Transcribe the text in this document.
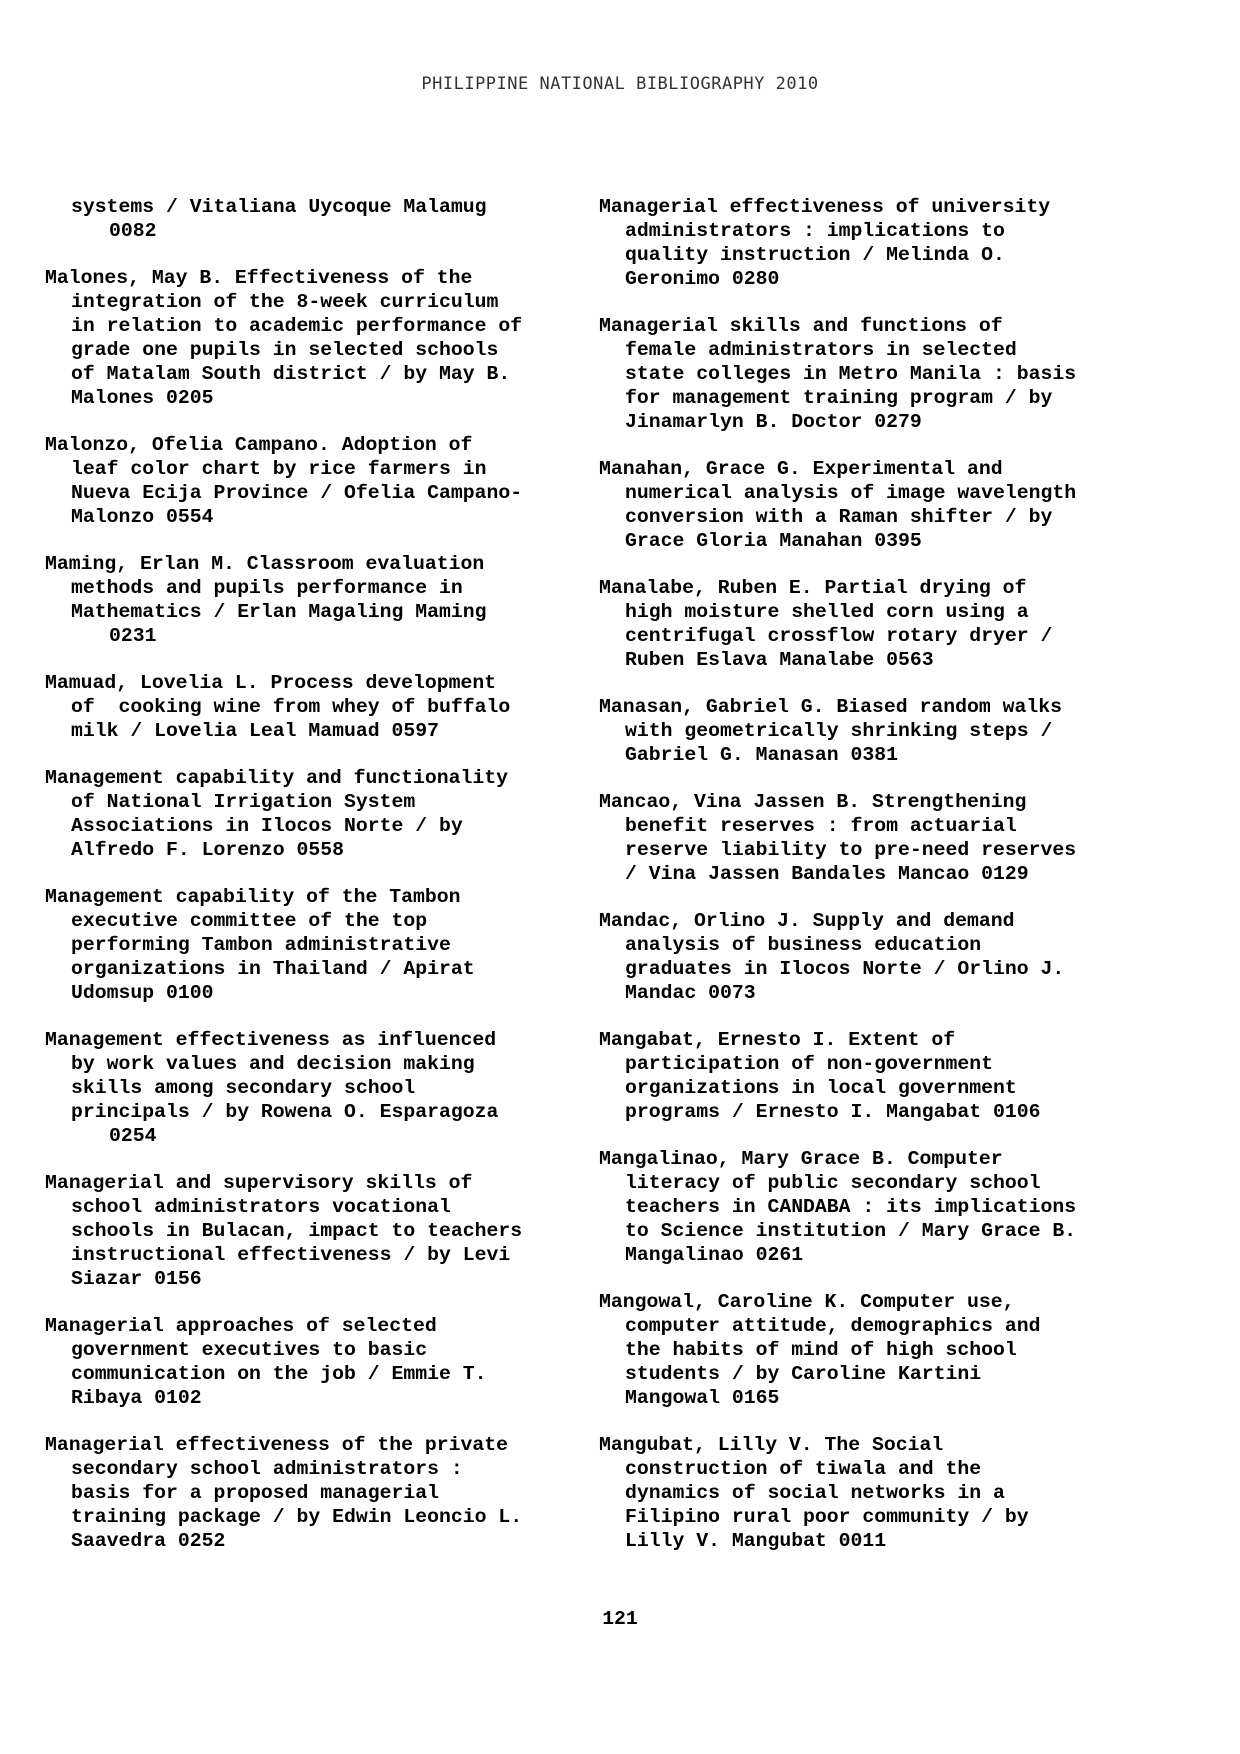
PHILIPPINE NATIONAL BIBLIOGRAPHY 2010
systems / Vitaliana Uycoque Malamug
0082
Malones, May B. Effectiveness of the
integration of the 8-week curriculum
in relation to academic performance of
grade one pupils in selected schools
of Matalam South district / by May B.
Malones 0205
Malonzo, Ofelia Campano. Adoption of
leaf color chart by rice farmers in
Nueva Ecija Province / Ofelia Campano-
Malonzo 0554
Maming, Erlan M. Classroom evaluation
methods and pupils performance in
Mathematics / Erlan Magaling Maming
0231
Mamuad, Lovelia L. Process development
of  cooking wine from whey of buffalo
milk / Lovelia Leal Mamuad 0597
Management capability and functionality
of National Irrigation System
Associations in Ilocos Norte / by
Alfredo F. Lorenzo 0558
Management capability of the Tambon
executive committee of the top
performing Tambon administrative
organizations in Thailand / Apirat
Udomsup 0100
Management effectiveness as influenced
by work values and decision making
skills among secondary school
principals / by Rowena O. Esparagoza
0254
Managerial and supervisory skills of
school administrators vocational
schools in Bulacan, impact to teachers
instructional effectiveness / by Levi
Siazar 0156
Managerial approaches of selected
government executives to basic
communication on the job / Emmie T.
Ribaya 0102
Managerial effectiveness of the private
secondary school administrators :
basis for a proposed managerial
training package / by Edwin Leoncio L.
Saavedra 0252
Managerial effectiveness of university
administrators : implications to
quality instruction / Melinda O.
Geronimo 0280
Managerial skills and functions of
female administrators in selected
state colleges in Metro Manila : basis
for management training program / by
Jinamarlyn B. Doctor 0279
Manahan, Grace G. Experimental and
numerical analysis of image wavelength
conversion with a Raman shifter / by
Grace Gloria Manahan 0395
Manalabe, Ruben E. Partial drying of
high moisture shelled corn using a
centrifugal crossflow rotary dryer /
Ruben Eslava Manalabe 0563
Manasan, Gabriel G. Biased random walks
with geometrically shrinking steps /
Gabriel G. Manasan 0381
Mancao, Vina Jassen B. Strengthening
benefit reserves : from actuarial
reserve liability to pre-need reserves
/ Vina Jassen Bandales Mancao 0129
Mandac, Orlino J. Supply and demand
analysis of business education
graduates in Ilocos Norte / Orlino J.
Mandac 0073
Mangabat, Ernesto I. Extent of
participation of non-government
organizations in local government
programs / Ernesto I. Mangabat 0106
Mangalinao, Mary Grace B. Computer
literacy of public secondary school
teachers in CANDABA : its implications
to Science institution / Mary Grace B.
Mangalinao 0261
Mangowal, Caroline K. Computer use,
computer attitude, demographics and
the habits of mind of high school
students / by Caroline Kartini
Mangowal 0165
Mangubat, Lilly V. The Social
construction of tiwala and the
dynamics of social networks in a
Filipino rural poor community / by
Lilly V. Mangubat 0011
121
